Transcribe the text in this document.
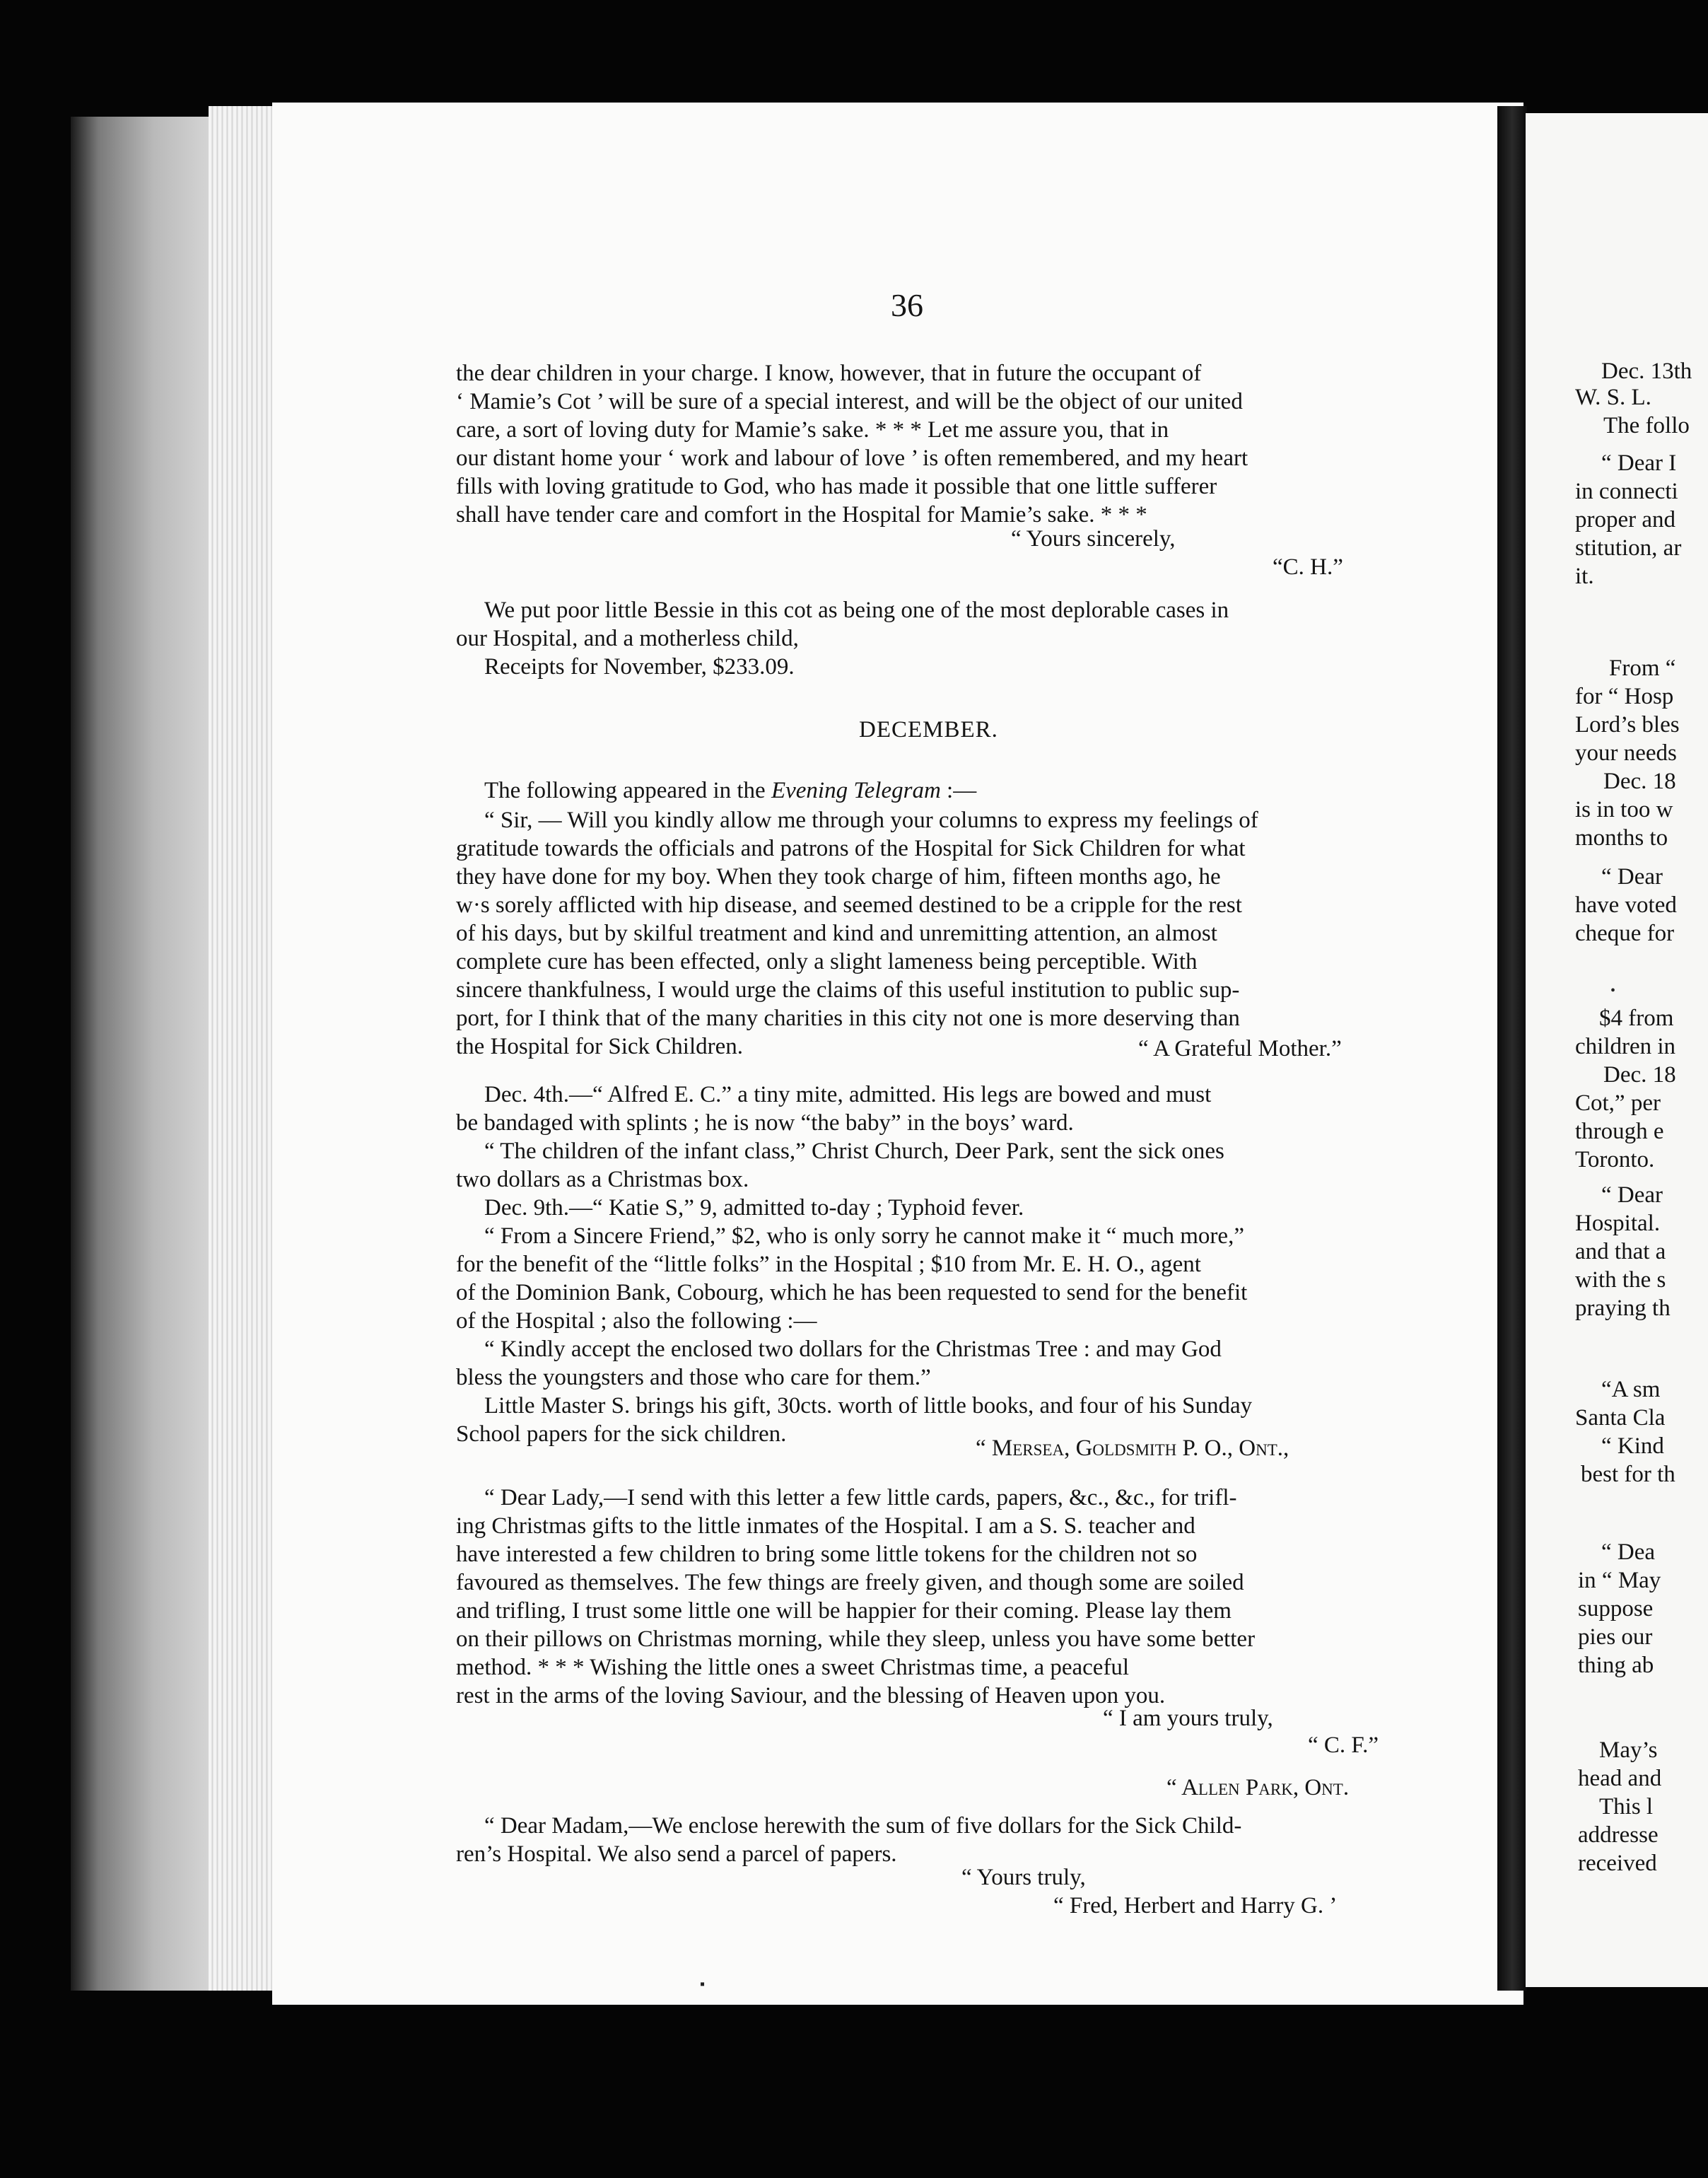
36
the dear children in your charge. I know, however, that in future the occupant of
‘ Mamie’s Cot ’ will be sure of a special interest, and will be the object of our united
care, a sort of loving duty for Mamie’s sake. * * * Let me assure you, that in
our distant home your ‘ work and labour of love ’ is often remembered, and my heart
fills with loving gratitude to God, who has made it possible that one little sufferer
shall have tender care and comfort in the Hospital for Mamie’s sake. * * *
“ Yours sincerely,
“C. H.”
We put poor little Bessie in this cot as being one of the most deplorable cases in
our Hospital, and a motherless child,
Receipts for November, $233.09.
DECEMBER.
The following appeared in the Evening Telegram :—
“ Sir, — Will you kindly allow me through your columns to express my feelings of
gratitude towards the officials and patrons of the Hospital for Sick Children for what
they have done for my boy. When they took charge of him, fifteen months ago, he
w·s sorely afflicted with hip disease, and seemed destined to be a cripple for the rest
of his days, but by skilful treatment and kind and unremitting attention, an almost
complete cure has been effected, only a slight lameness being perceptible. With
sincere thankfulness, I would urge the claims of this useful institution to public sup-
port, for I think that of the many charities in this city not one is more deserving than
the Hospital for Sick Children.	“ A Grateful Mother.”
Dec. 4th.—“ Alfred E. C.” a tiny mite, admitted. His legs are bowed and must
be bandaged with splints ; he is now “the baby” in the boys’ ward.
“ The children of the infant class,” Christ Church, Deer Park, sent the sick ones
two dollars as a Christmas box.
Dec. 9th.—“ Katie S,” 9, admitted to-day ; Typhoid fever.
“ From a Sincere Friend,” $2, who is only sorry he cannot make it “ much more,”
for the benefit of the “little folks” in the Hospital ; $10 from Mr. E. H. O., agent
of the Dominion Bank, Cobourg, which he has been requested to send for the benefit
of the Hospital ; also the following :—
“ Kindly accept the enclosed two dollars for the Christmas Tree : and may God
bless the youngsters and those who care for them.”
Little Master S. brings his gift, 30cts. worth of little books, and four of his Sunday
School papers for the sick children.
“ Mersea, Goldsmith P. O., Ont.,
“ Dear Lady,—I send with this letter a few little cards, papers, &c., &c., for trifl-
ing Christmas gifts to the little inmates of the Hospital. I am a S. S. teacher and
have interested a few children to bring some little tokens for the children not so
favoured as themselves. The few things are freely given, and though some are soiled
and trifling, I trust some little one will be happier for their coming. Please lay them
on their pillows on Christmas morning, while they sleep, unless you have some better
method. * * * Wishing the little ones a sweet Christmas time, a peaceful
rest in the arms of the loving Saviour, and the blessing of Heaven upon you.
“ I am yours truly,
“ C. F.”
“ Allen Park, Ont.
“ Dear Madam,—We enclose herewith the sum of five dollars for the Sick Child-
ren’s Hospital. We also send a parcel of papers.
“ Yours truly,
“ Fred, Herbert and Harry G. ’
Dec. 13th
W. S. L.
The follo
“ Dear I
in connecti
proper and
stitution, ar
it.
From “
for “ Hosp
Lord’s bles
your needs
Dec. 18
is in too w
months to
“ Dear
have voted
cheque for
$4 from
children in
Dec. 18
Cot,” per
through e
Toronto.
“ Dear
Hospital.
and that a
with the s
praying th
“A sm
Santa Cla
“ Kind
best for th
“ Dea
in “ May
suppose
pies our
thing ab
May’s
head and
This l
addresse
received
▪
•
